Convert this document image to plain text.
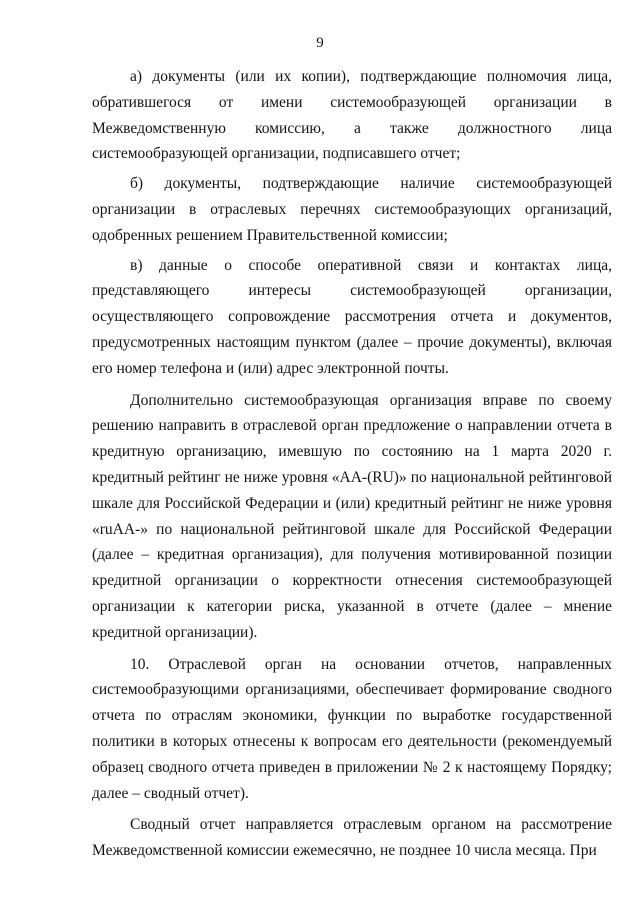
9

а) документы (или их копии), подтверждающие полномочия лица, обратившегося от имени системообразующей организации в Межведомственную комиссию, а также должностного лица системообразующей организации, подписавшего отчет;

б) документы, подтверждающие наличие системообразующей организации в отраслевых перечнях системообразующих организаций, одобренных решением Правительственной комиссии;

в) данные о способе оперативной связи и контактах лица, представляющего интересы системообразующей организации, осуществляющего сопровождение рассмотрения отчета и документов, предусмотренных настоящим пунктом (далее – прочие документы), включая его номер телефона и (или) адрес электронной почты.

Дополнительно системообразующая организация вправе по своему решению направить в отраслевой орган предложение о направлении отчета в кредитную организацию, имевшую по состоянию на 1 марта 2020 г. кредитный рейтинг не ниже уровня «АА-(RU)» по национальной рейтинговой шкале для Российской Федерации и (или) кредитный рейтинг не ниже уровня «ruAA-» по национальной рейтинговой шкале для Российской Федерации (далее – кредитная организация), для получения мотивированной позиции кредитной организации о корректности отнесения системообразующей организации к категории риска, указанной в отчете (далее – мнение кредитной организации).

10. Отраслевой орган на основании отчетов, направленных системообразующими организациями, обеспечивает формирование сводного отчета по отраслям экономики, функции по выработке государственной политики в которых отнесены к вопросам его деятельности (рекомендуемый образец сводного отчета приведен в приложении № 2 к настоящему Порядку; далее – сводный отчет).

Сводный отчет направляется отраслевым органом на рассмотрение Межведомственной комиссии ежемесячно, не позднее 10 числа месяца. При
